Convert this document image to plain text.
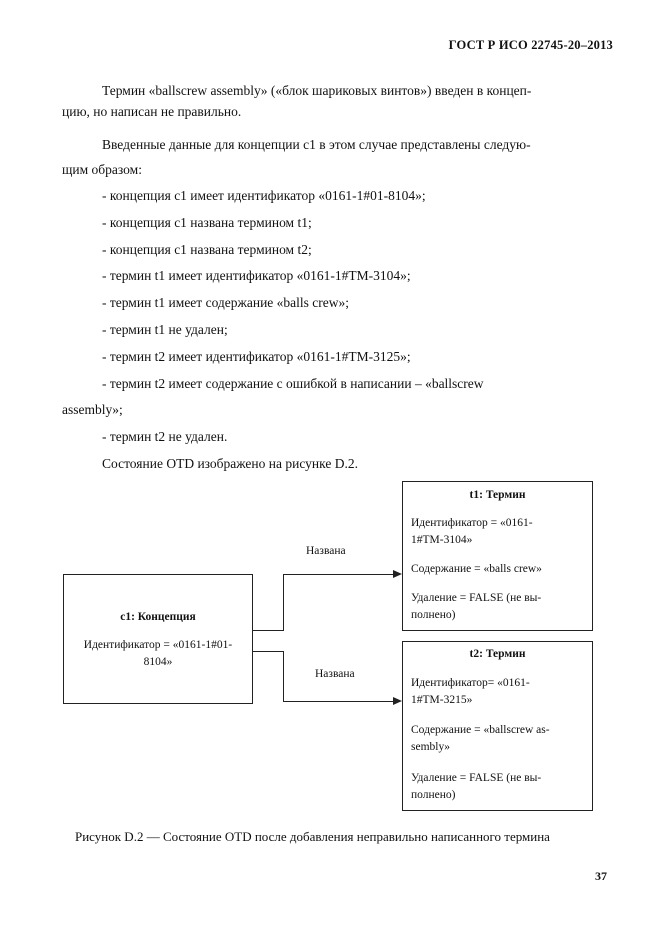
ГОСТ Р ИСО 22745-20–2013
Термин «ballscrew assembly» («блок шариковых винтов») введен в концеп-
цию, но написан не правильно.
Введенные данные для концепции c1 в этом случае представлены следую-
щим образом:
- концепция c1 имеет идентификатор «0161-1#01-8104»;
- концепция c1 названа термином t1;
- концепция c1 названа термином t2;
- термин t1 имеет идентификатор «0161-1#TM-3104»;
- термин t1 имеет содержание «balls crew»;
- термин t1 не удален;
- термин t2 имеет идентификатор «0161-1#TM-3125»;
- термин t2 имеет содержание с ошибкой в написании – «ballscrew
assembly»;
- термин t2 не удален.
Состояние OTD изображено на рисунке D.2.
c1: Концепция
Идентификатор = «0161-1#01-
8104»
t1: Термин
Идентификатор = «0161-
1#TM-3104»
Содержание = «balls crew»
Удаление = FALSE (не вы-
полнено)
t2: Термин
Идентификатор= «0161-
1#TM-3215»
Содержание = «ballscrew as-
sembly»
Удаление = FALSE (не вы-
полнено)
Названа
Названа
Рисунок D.2 — Состояние OTD после добавления неправильно написанного термина
37
